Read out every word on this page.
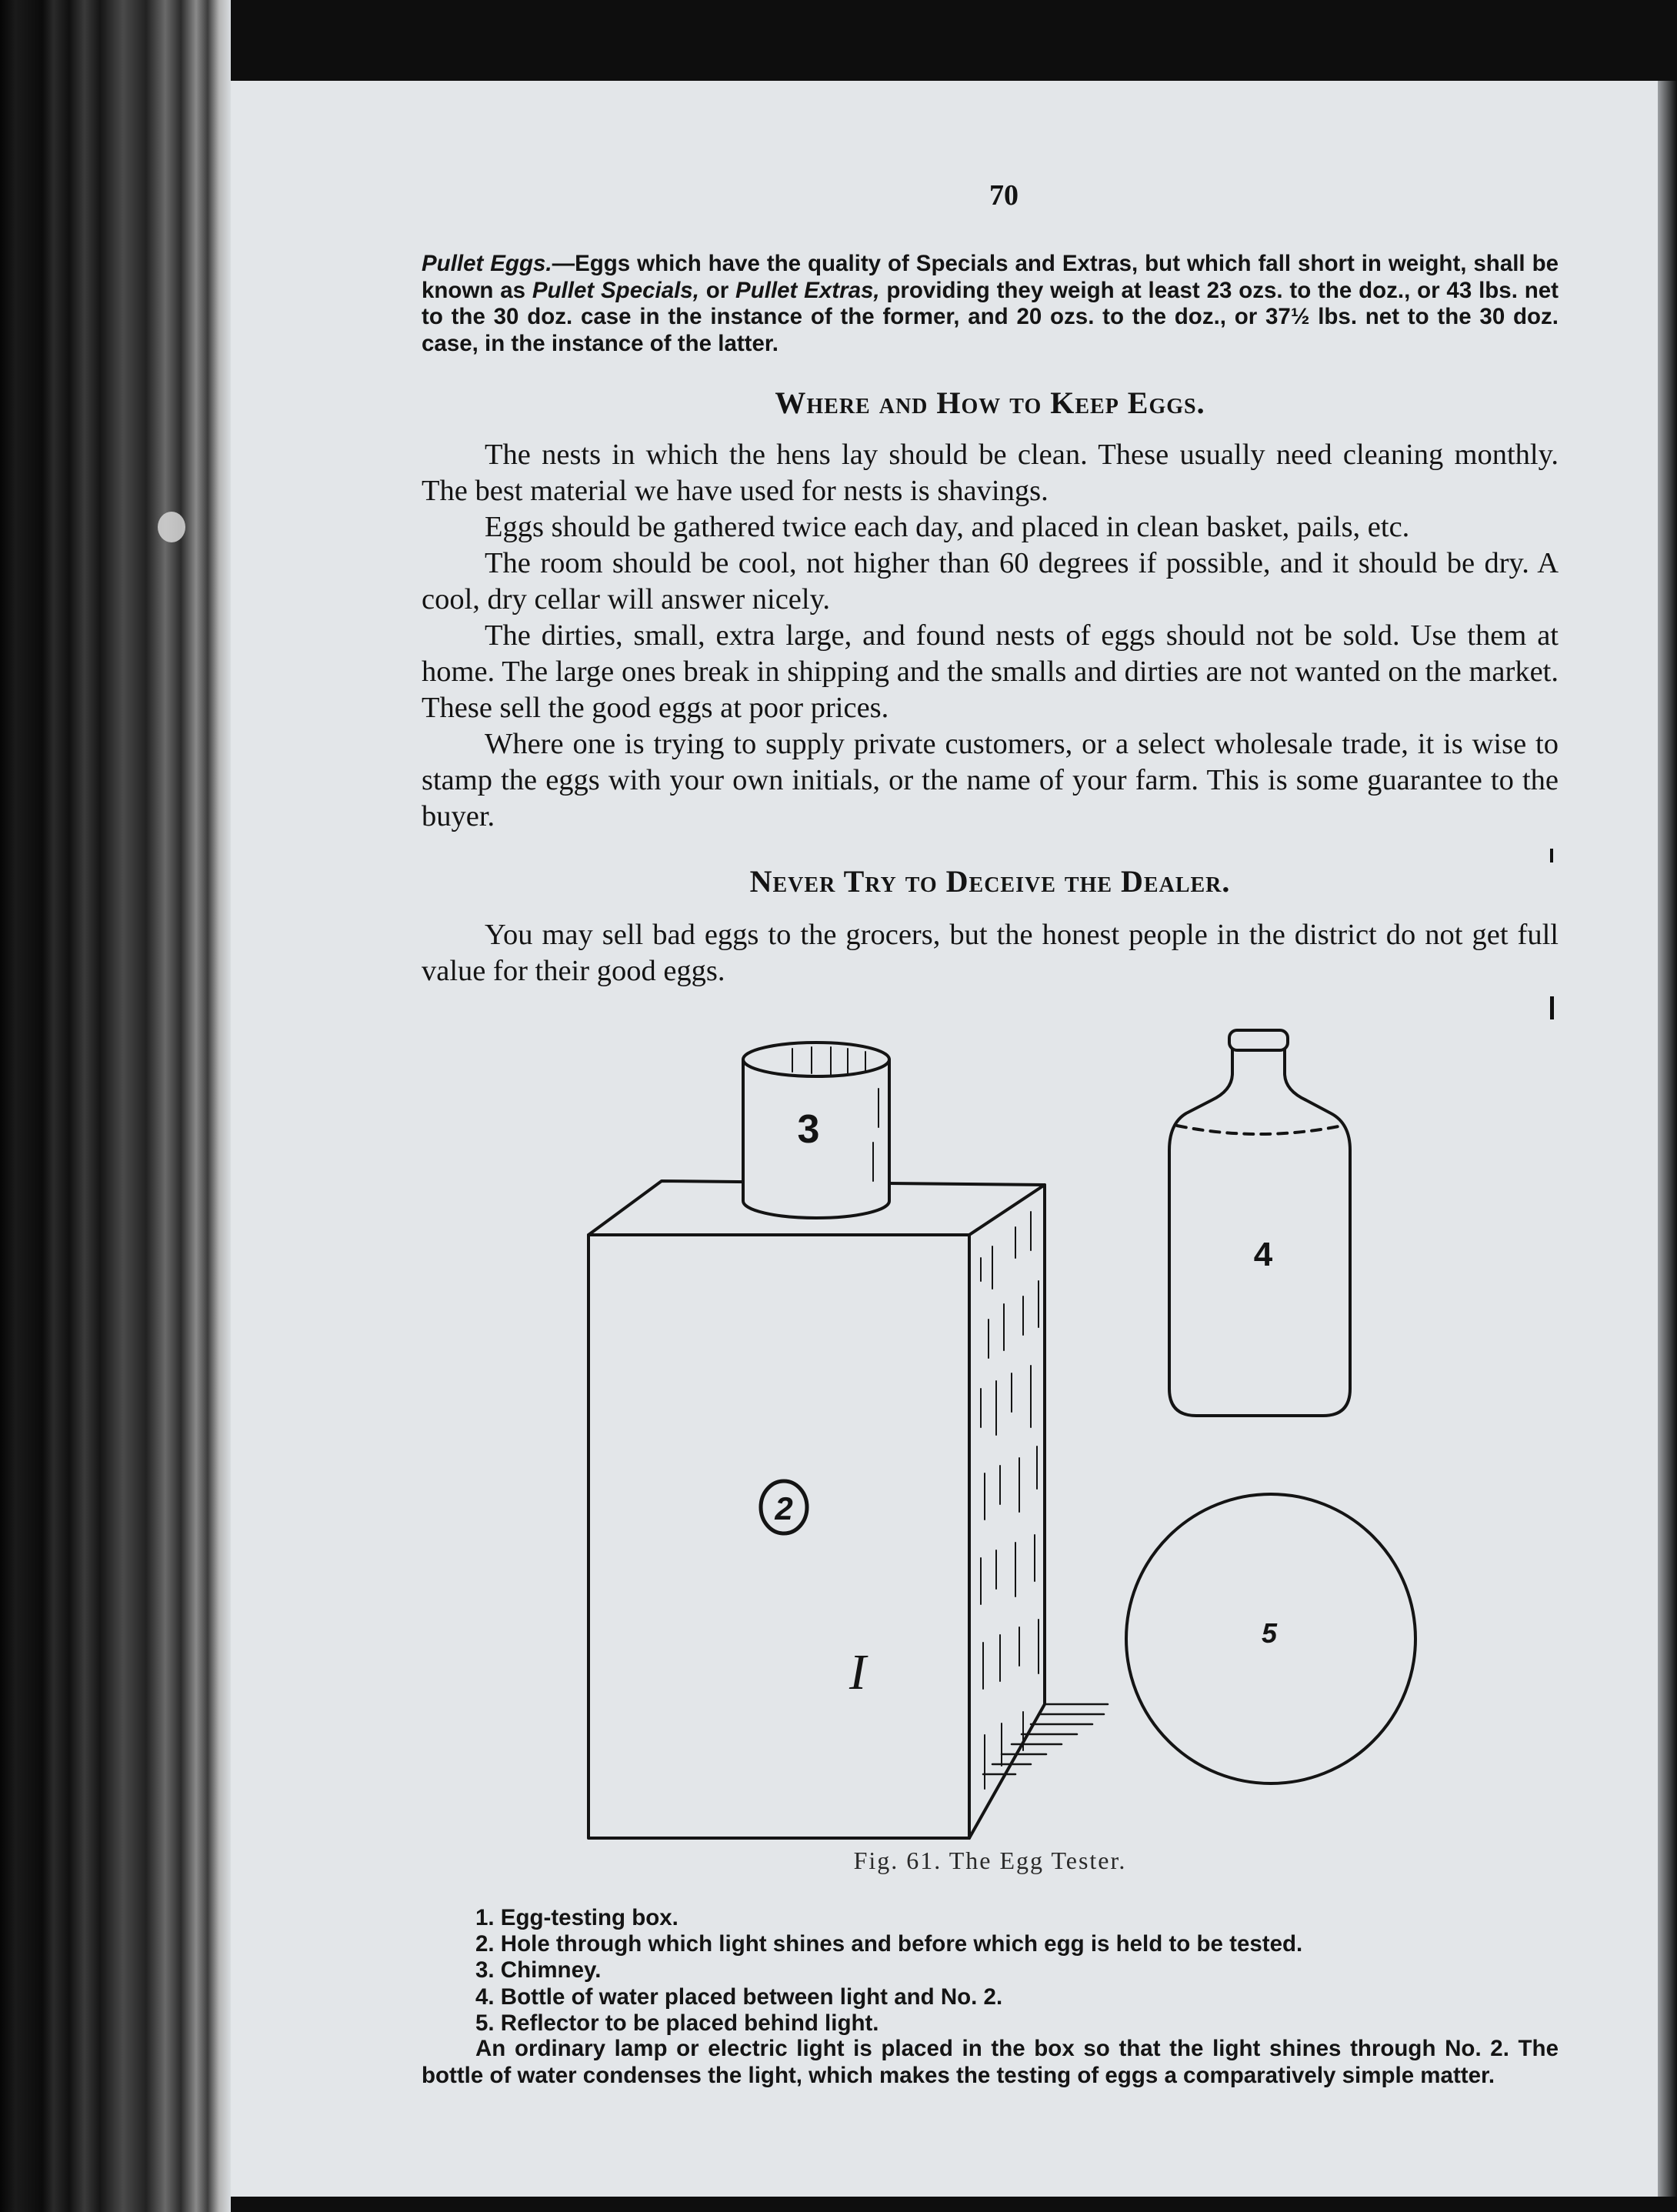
70

Pullet Eggs.—Eggs which have the quality of Specials and Extras, but which fall short in weight, shall be known as Pullet Specials, or Pullet Extras, providing they weigh at least 23 ozs. to the doz., or 43 lbs. net to the 30 doz. case in the instance of the former, and 20 ozs. to the doz., or 37½ lbs. net to the 30 doz. case, in the instance of the latter.

Where and How to Keep Eggs.

The nests in which the hens lay should be clean. These usually need cleaning monthly. The best material we have used for nests is shavings.

Eggs should be gathered twice each day, and placed in clean basket, pails, etc.

The room should be cool, not higher than 60 degrees if possible, and it should be dry. A cool, dry cellar will answer nicely.

The dirties, small, extra large, and found nests of eggs should not be sold. Use them at home. The large ones break in shipping and the smalls and dirties are not wanted on the market. These sell the good eggs at poor prices.

Where one is trying to supply private customers, or a select wholesale trade, it is wise to stamp the eggs with your own initials, or the name of your farm. This is some guarantee to the buyer.

Never Try to Deceive the Dealer.

You may sell bad eggs to the grocers, but the honest people in the district do not get full value for their good eggs.

3
4
2
5
I
Fig. 61. The Egg Tester.
1. Egg-testing box.
2. Hole through which light shines and before which egg is held to be tested.
3. Chimney.
4. Bottle of water placed between light and No. 2.
5. Reflector to be placed behind light.

An ordinary lamp or electric light is placed in the box so that the light shines through No. 2. The bottle of water condenses the light, which makes the testing of eggs a comparatively simple matter.
